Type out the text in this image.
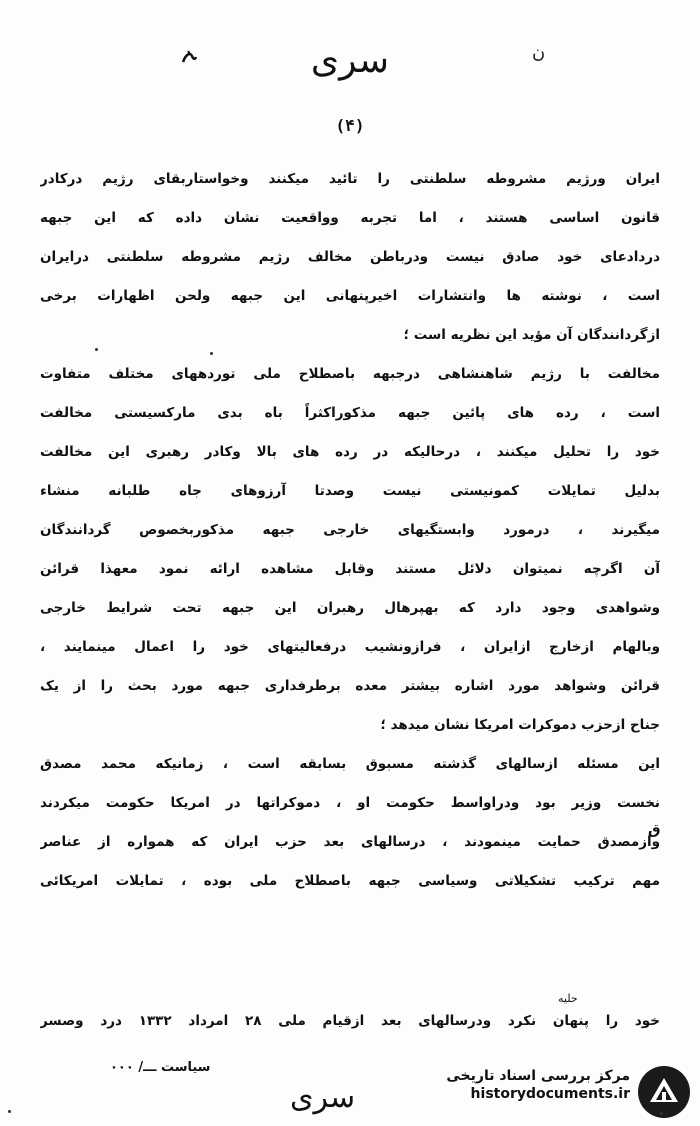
ن
سری
(۴)
ایران ورژیم مشروطه سلطنتی را تائید میکنند وخواستاربقای رژیم درکادر
قانون اساسی هستند ، اما تجربه وواقعیت نشان داده که این جبهه
دردادعای خود صادق نیست ودرباطن مخالف رژیم مشروطه سلطنتی درایران
است ، نوشته ها وانتشارات اخیرپنهانی این جبهه ولحن اظهارات برخی
ازگردانندگان آن مؤید این نظریه است ؛
مخالفت با رژیم شاهنشاهی درجبهه باصطلاح ملی توردههای مختلف متفاوت
است ، رده های پائین جبهه مذکوراکثراً باه بدی مارکسیستی مخالفت
خود را تحلیل میکنند ، درحالیکه در رده های بالا وکادر رهبری این مخالفت
بدلیل تمایلات کمونیستی نیست وصدتا آرزوهای جاه طلبانه منشاء
میگیرند ، درمورد وابستگیهای خارجی جبهه مذکوربخصوص گردانندگان
آن اگرچه نمیتوان دلائل مستند وقابل مشاهده ارائه نمود معهذا قرائن
وشواهدی وجود دارد که بهپرهال رهبران این جبهه تحت شرایط خارجی
وبالهام ازخارج ازایران ، فرازونشیب درفعالیتهای خود را اعمال مینمایند ،
قرائن وشواهد مورد اشاره بیشتر معده برطرفداری جبهه مورد بحث را از یک
جناح ازحزب دموکرات امریکا نشان میدهد ؛
این مسئله ازسالهای گذشته مسبوق بسابقه است ، زمانیکه محمد مصدق
نخست وزیر بود ودراواسط حکومت او ، دموکراتها در امریکا حکومت میکردند
وازمصدق حمایت مینمودند ، درسالهای بعد حزب ایران که همواره از عناصر
مهم ترکیب تشکیلاتی وسیاسی جبهه باصطلاح ملی بوده ، تمایلات امریکائی
ق
حلیه
خود را پنهان نکرد ودرسالهای بعد ازقیام ملی ۲۸ امرداد ۱۳۳۲ درد وصسر
سیاست ـــ/ ۰۰۰
سری
مرکز بررسی اسناد تاریخی
historydocuments.ir
